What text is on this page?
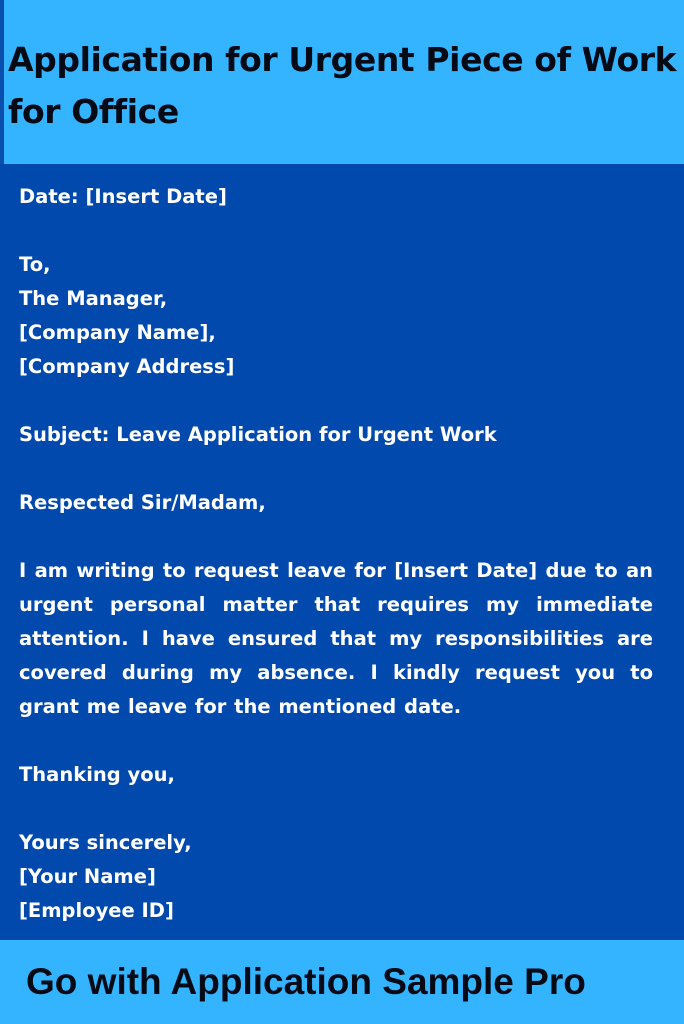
Application for Urgent Piece of Work for Office

Date: [Insert Date]

To,
The Manager,
[Company Name],
[Company Address]

Subject: Leave Application for Urgent Work

Respected Sir/Madam,

I am writing to request leave for [Insert Date] due to an urgent personal matter that requires my immediate attention. I have ensured that my responsibilities are covered during my absence. I kindly request you to grant me leave for the mentioned date.

Thanking you,

Yours sincerely,
[Your Name]
[Employee ID]

Go with Application Sample Pro
